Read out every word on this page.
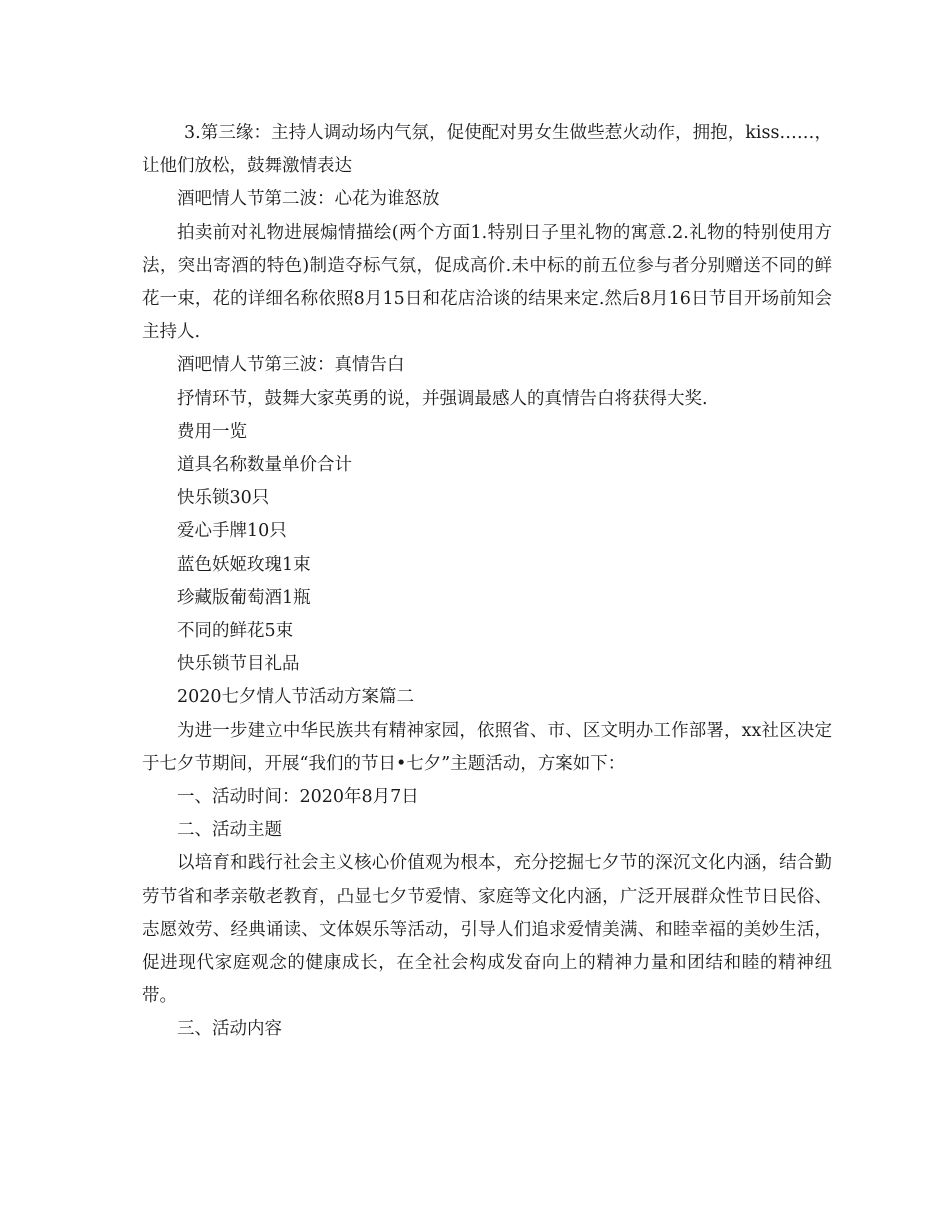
3.第三缘：主持人调动场内气氛，促使配对男女生做些惹火动作，拥抱，kiss……，让他们放松，鼓舞激情表达

酒吧情人节第二波：心花为谁怒放

拍卖前对礼物进展煽情描绘(两个方面1.特别日子里礼物的寓意.2.礼物的特别使用方法，突出寄酒的特色)制造夺标气氛，促成高价.未中标的前五位参与者分别赠送不同的鲜花一束，花的详细名称依照8月15日和花店洽谈的结果来定.然后8月16日节目开场前知会主持人.

酒吧情人节第三波：真情告白

抒情环节，鼓舞大家英勇的说，并强调最感人的真情告白将获得大奖.

费用一览

道具名称数量单价合计

快乐锁30只

爱心手牌10只

蓝色妖姬玫瑰1束

珍藏版葡萄酒1瓶

不同的鲜花5束

快乐锁节目礼品

2020七夕情人节活动方案篇二

为进一步建立中华民族共有精神家园，依照省、市、区文明办工作部署，xx社区决定于七夕节期间，开展“我们的节日•七夕”主题活动，方案如下：

一、活动时间：2020年8月7日

二、活动主题

以培育和践行社会主义核心价值观为根本，充分挖掘七夕节的深沉文化内涵，结合勤劳节省和孝亲敬老教育，凸显七夕节爱情、家庭等文化内涵，广泛开展群众性节日民俗、志愿效劳、经典诵读、文体娱乐等活动，引导人们追求爱情美满、和睦幸福的美妙生活，促进现代家庭观念的健康成长，在全社会构成发奋向上的精神力量和团结和睦的精神纽带。

三、活动内容
